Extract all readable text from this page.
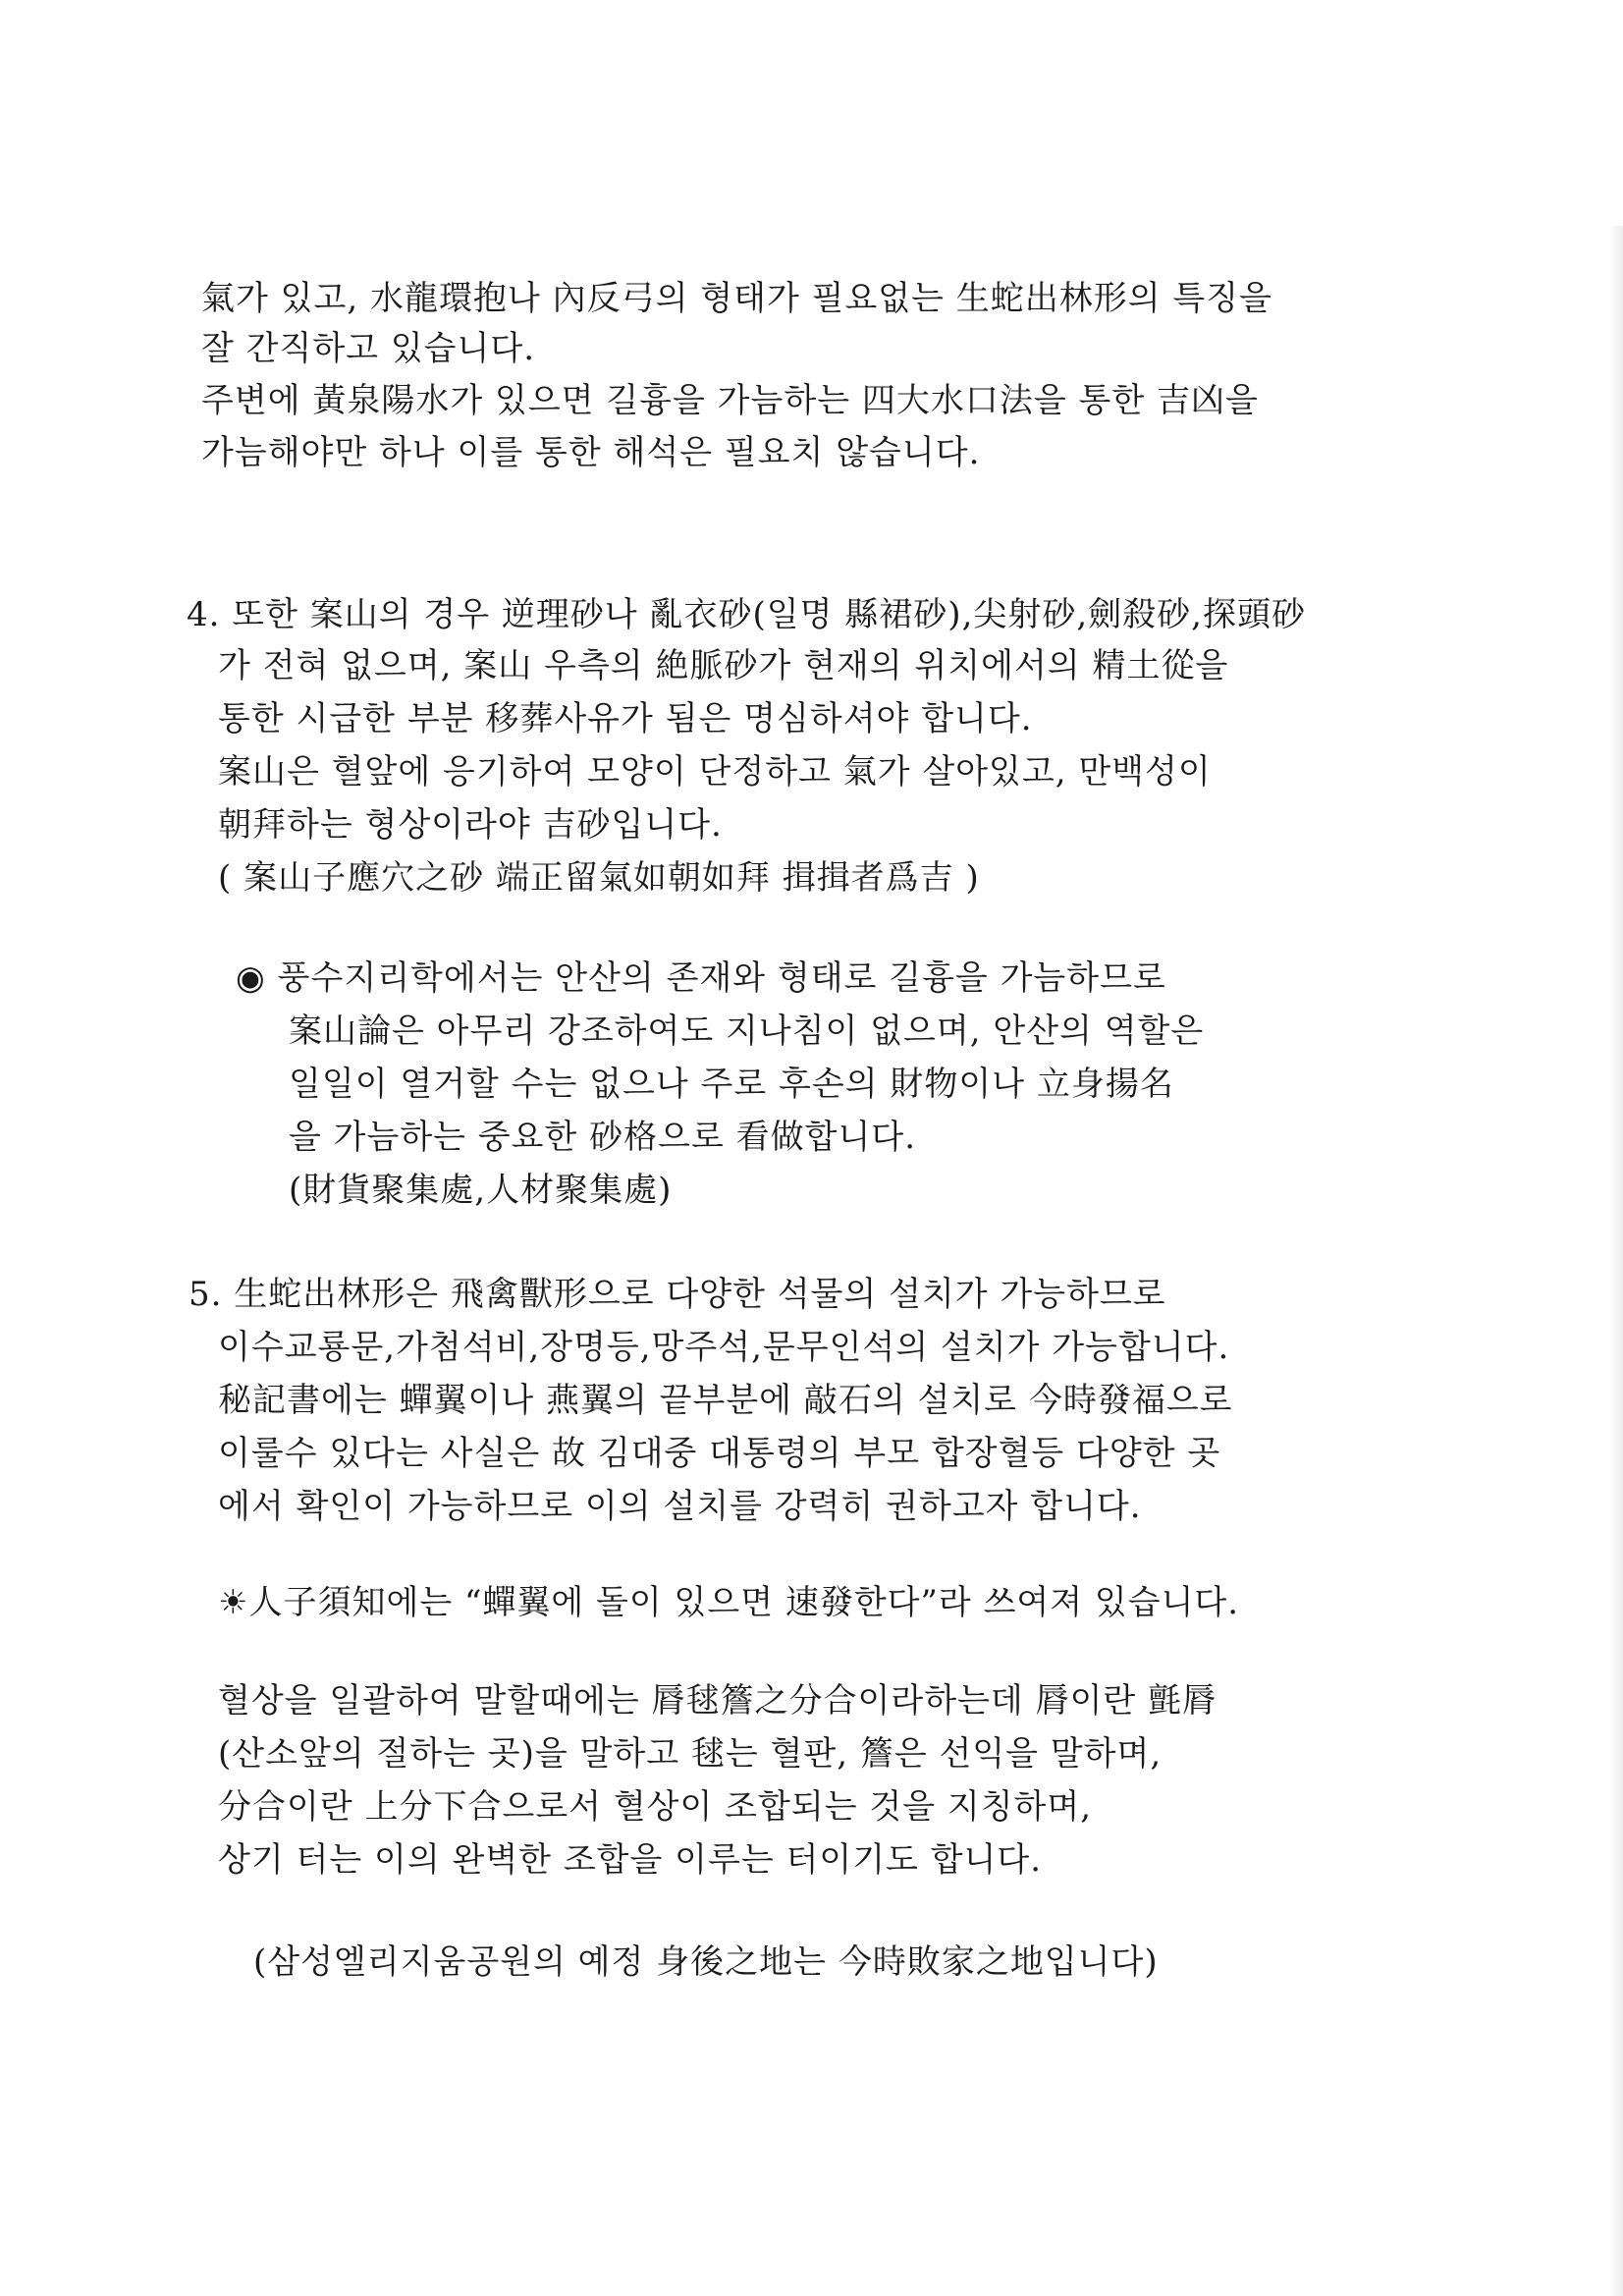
氣가 있고, 水龍環抱나 內反弓의 형태가 필요없는 生蛇出林形의 특징을
잘 간직하고 있습니다.
주변에 黃泉陽水가 있으면 길흉을 가늠하는 四大水口法을 통한 吉凶을
가늠해야만 하나 이를 통한 해석은 필요치 않습니다.
4. 또한 案山의 경우 逆理砂나 亂衣砂(일명 縣裙砂),尖射砂,劍殺砂,探頭砂
가 전혀 없으며, 案山 우측의 絶脈砂가 현재의 위치에서의 精土從을
통한 시급한 부분 移葬사유가 됨은 명심하셔야 합니다.
案山은 혈앞에 응기하여 모양이 단정하고 氣가 살아있고, 만백성이
朝拜하는 형상이라야 吉砂입니다.
( 案山子應穴之砂 端正留氣如朝如拜 揖揖者爲吉 )
◉ 풍수지리학에서는 안산의 존재와 형태로 길흉을 가늠하므로
案山論은 아무리 강조하여도 지나침이 없으며, 안산의 역할은
일일이 열거할 수는 없으나 주로 후손의 財物이나 立身揚名
을 가늠하는 중요한 砂格으로 看做합니다.
(財貨聚集處,人材聚集處)
5. 生蛇出林形은 飛禽獸形으로 다양한 석물의 설치가 가능하므로
이수교룡문,가첨석비,장명등,망주석,문무인석의 설치가 가능합니다.
秘記書에는 蟬翼이나 燕翼의 끝부분에 敲石의 설치로 今時發福으로
이룰수 있다는 사실은 故 김대중 대통령의 부모 합장혈등 다양한 곳
에서 확인이 가능하므로 이의 설치를 강력히 권하고자 합니다.
☀人子須知에는 “蟬翼에 돌이 있으면 速發한다”라 쓰여져 있습니다.
혈상을 일괄하여 말할때에는 脣毬簷之分合이라하는데 脣이란 氈脣
(산소앞의 절하는 곳)을 말하고 毬는 혈판, 簷은 선익을 말하며,
分合이란 上分下合으로서 혈상이 조합되는 것을 지칭하며,
상기 터는 이의 완벽한 조합을 이루는 터이기도 합니다.
(삼성엘리지움공원의 예정 身後之地는 今時敗家之地입니다)
